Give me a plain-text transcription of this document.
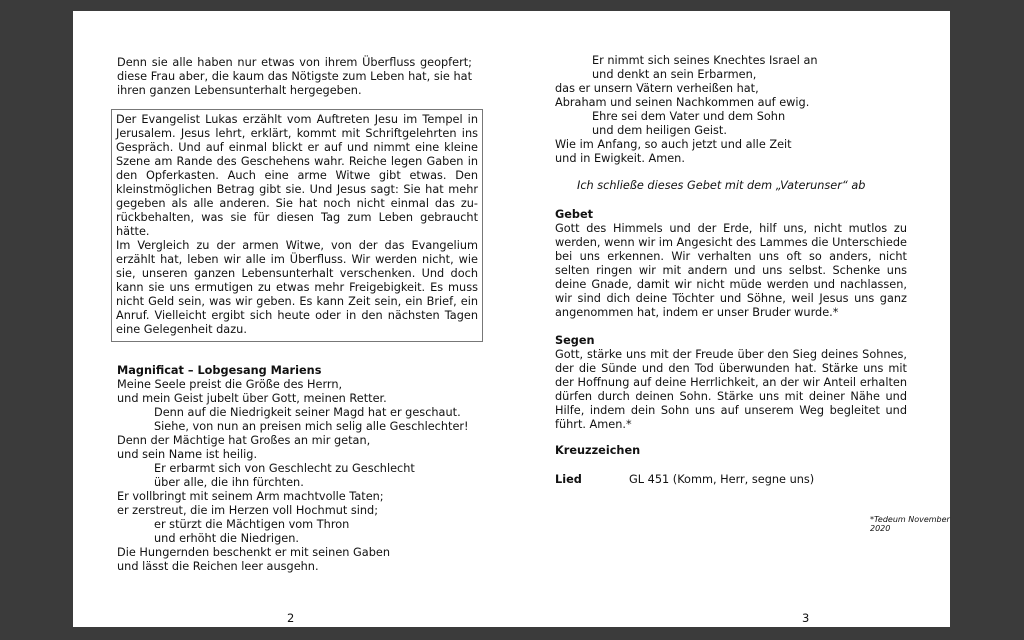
Denn sie alle haben nur etwas von ihrem Überfluss geopfert; diese Frau aber, die kaum das Nötigste zum Leben hat, sie hat ihren ganzen Lebensunterhalt hergegeben.
Der Evangelist Lukas erzählt vom Auftreten Jesu im Tempel in Jerusalem. Jesus lehrt, erklärt, kommt mit Schriftgelehrten ins Gespräch. Und auf einmal blickt er auf und nimmt eine kleine Szene am Rande des Geschehens wahr. Reiche legen Gaben in den Opferkasten. Auch eine arme Witwe gibt etwas. Den kleinstmöglichen Betrag gibt sie. Und Jesus sagt: Sie hat mehr gegeben als alle anderen. Sie hat noch nicht einmal das zu-rückbehalten, was sie für diesen Tag zum Leben gebraucht hätte.
Im Vergleich zu der armen Witwe, von der das Evangelium erzählt hat, leben wir alle im Überfluss. Wir werden nicht, wie sie, unseren ganzen Lebensunterhalt verschenken. Und doch kann sie uns ermutigen zu etwas mehr Freigebigkeit. Es muss nicht Geld sein, was wir geben. Es kann Zeit sein, ein Brief, ein Anruf. Vielleicht ergibt sich heute oder in den nächsten Tagen eine Gelegenheit dazu.
Magnificat – Lobgesang Mariens
Meine Seele preist die Größe des Herrn,
und mein Geist jubelt über Gott, meinen Retter.
Denn auf die Niedrigkeit seiner Magd hat er geschaut.
Siehe, von nun an preisen mich selig alle Geschlechter!
Denn der Mächtige hat Großes an mir getan,
und sein Name ist heilig.
Er erbarmt sich von Geschlecht zu Geschlecht
über alle, die ihn fürchten.
Er vollbringt mit seinem Arm machtvolle Taten;
er zerstreut, die im Herzen voll Hochmut sind;
er stürzt die Mächtigen vom Thron
und erhöht die Niedrigen.
Die Hungernden beschenkt er mit seinen Gaben
und lässt die Reichen leer ausgehn.
2
Er nimmt sich seines Knechtes Israel an
und denkt an sein Erbarmen,
das er unsern Vätern verheißen hat,
Abraham und seinen Nachkommen auf ewig.
Ehre sei dem Vater und dem Sohn
und dem heiligen Geist.
Wie im Anfang, so auch jetzt und alle Zeit
und in Ewigkeit. Amen.
Ich schließe dieses Gebet mit dem „Vaterunser“ ab
Gebet
Gott des Himmels und der Erde, hilf uns, nicht mutlos zu werden, wenn wir im Angesicht des Lammes die Unterschiede bei uns erkennen. Wir verhalten uns oft so anders, nicht selten ringen wir mit andern und uns selbst. Schenke uns deine Gnade, damit wir nicht müde werden und nachlassen, wir sind dich deine Töchter und Söhne, weil Jesus uns ganz angenommen hat, indem er unser Bruder wurde.*
Segen
Gott, stärke uns mit der Freude über den Sieg deines Sohnes, der die Sünde und den Tod überwunden hat. Stärke uns mit der Hoffnung auf deine Herrlichkeit, an der wir Anteil erhalten dürfen durch deinen Sohn. Stärke uns mit deiner Nähe und Hilfe, indem dein Sohn uns auf unserem Weg begleitet und führt. Amen.*
Kreuzzeichen
Lied	GL 451 (Komm, Herr, segne uns)
*Tedeum November 2020
3
